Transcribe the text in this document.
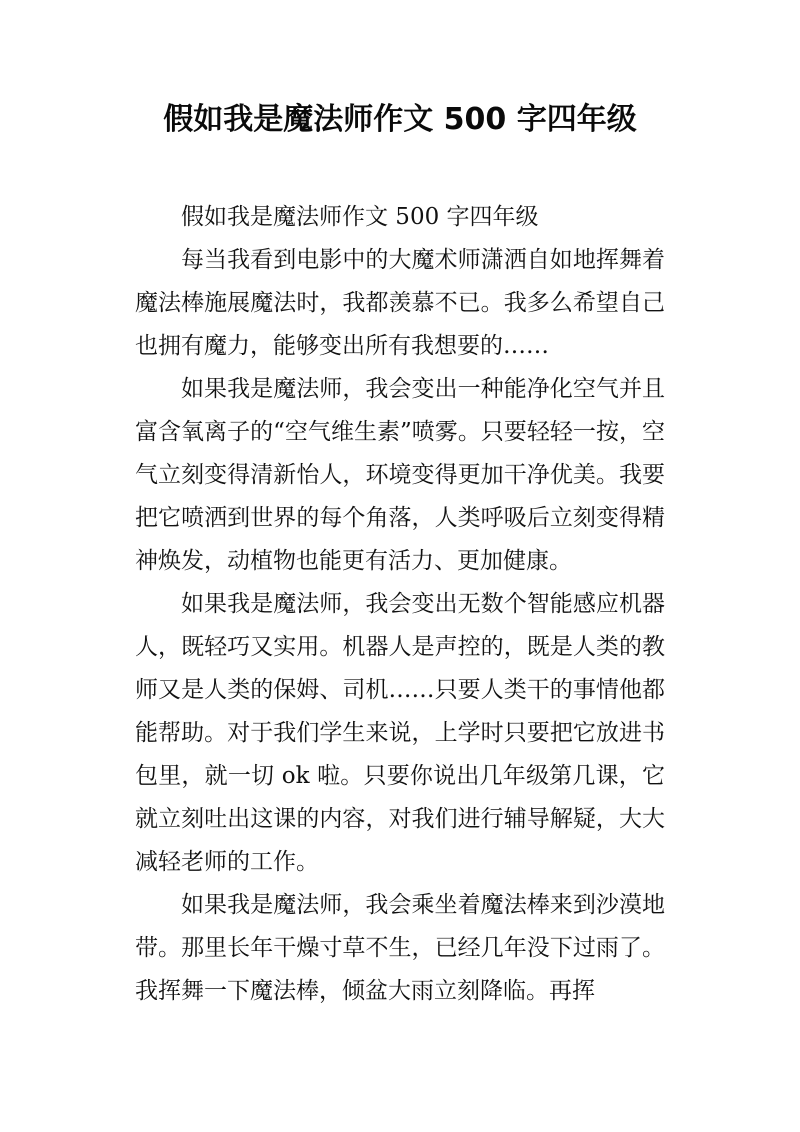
假如我是魔法师作文 500 字四年级

假如我是魔法师作文 500 字四年级

每当我看到电影中的大魔术师潇洒自如地挥舞着魔法棒施展魔法时，我都羡慕不已。我多么希望自己也拥有魔力，能够变出所有我想要的……

如果我是魔法师，我会变出一种能净化空气并且富含氧离子的“空气维生素”喷雾。只要轻轻一按，空气立刻变得清新怡人，环境变得更加干净优美。我要把它喷洒到世界的每个角落，人类呼吸后立刻变得精神焕发，动植物也能更有活力、更加健康。

如果我是魔法师，我会变出无数个智能感应机器人，既轻巧又实用。机器人是声控的，既是人类的教师又是人类的保姆、司机……只要人类干的事情他都能帮助。对于我们学生来说，上学时只要把它放进书包里，就一切 ok 啦。只要你说出几年级第几课，它就立刻吐出这课的内容，对我们进行辅导解疑，大大减轻老师的工作。

如果我是魔法师，我会乘坐着魔法棒来到沙漠地带。那里长年干燥寸草不生，已经几年没下过雨了。我挥舞一下魔法棒，倾盆大雨立刻降临。再挥
